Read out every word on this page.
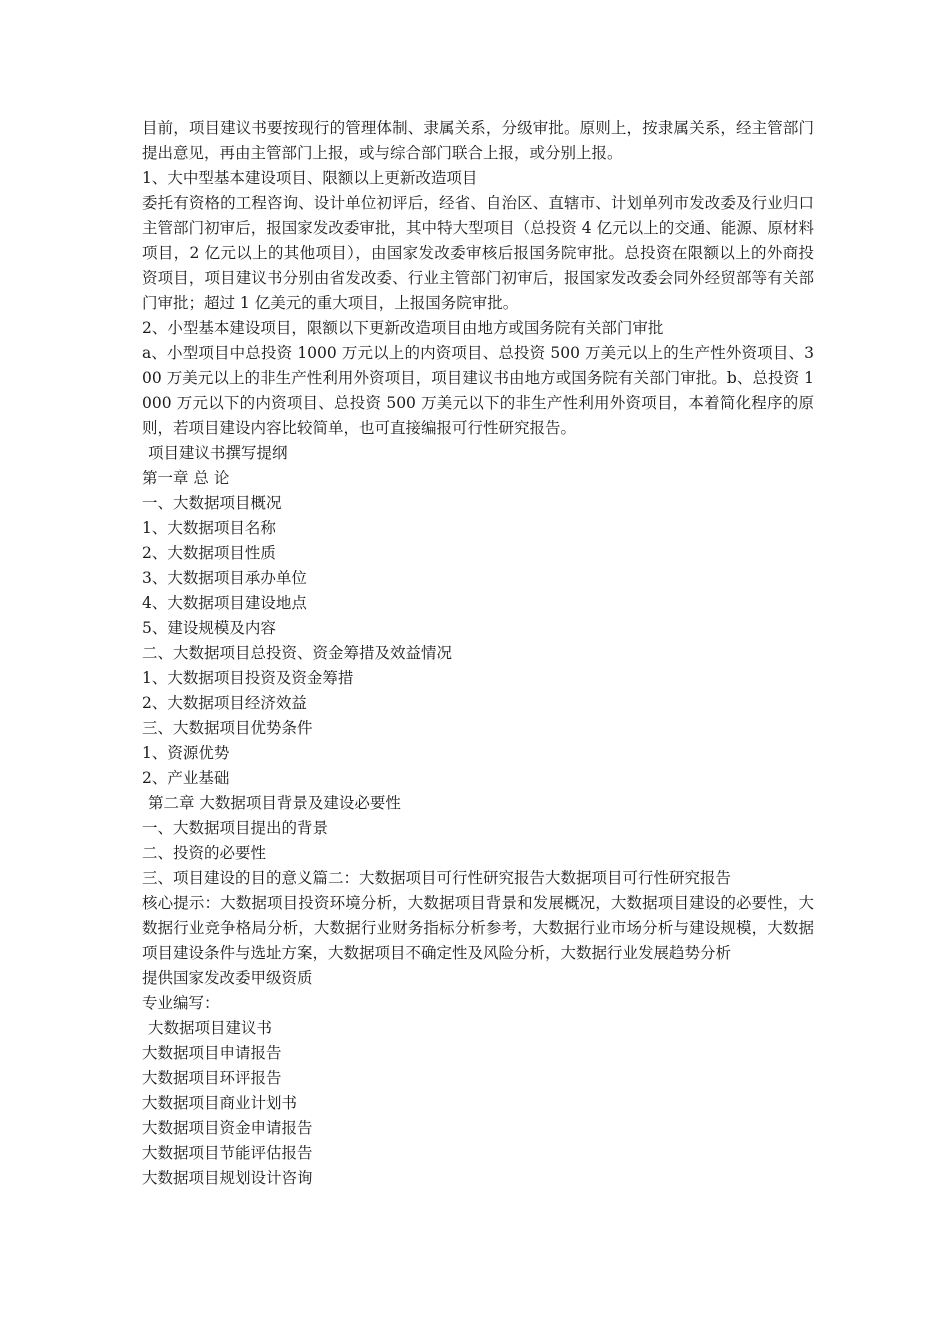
目前，项目建议书要按现行的管理体制、隶属关系，分级审批。原则上，按隶属关系，经主管部门提出意见，再由主管部门上报，或与综合部门联合上报，或分别上报。

1、大中型基本建设项目、限额以上更新改造项目

委托有资格的工程咨询、设计单位初评后，经省、自治区、直辖市、计划单列市发改委及行业归口主管部门初审后，报国家发改委审批，其中特大型项目（总投资 4 亿元以上的交通、能源、原材料项目，2 亿元以上的其他项目），由国家发改委审核后报国务院审批。总投资在限额以上的外商投资项目，项目建议书分别由省发改委、行业主管部门初审后，报国家发改委会同外经贸部等有关部门审批；超过 1 亿美元的重大项目，上报国务院审批。

2、小型基本建设项目，限额以下更新改造项目由地方或国务院有关部门审批

a、小型项目中总投资 1000 万元以上的内资项目、总投资 500 万美元以上的生产性外资项目、300 万美元以上的非生产性利用外资项目，项目建议书由地方或国务院有关部门审批。b、总投资 1000 万元以下的内资项目、总投资 500 万美元以下的非生产性利用外资项目，本着简化程序的原则，若项目建设内容比较简单，也可直接编报可行性研究报告。

项目建议书撰写提纲

第一章 总 论

一、大数据项目概况

1、大数据项目名称

2、大数据项目性质

3、大数据项目承办单位

4、大数据项目建设地点

5、建设规模及内容

二、大数据项目总投资、资金筹措及效益情况

1、大数据项目投资及资金筹措

2、大数据项目经济效益

三、大数据项目优势条件

1、资源优势

2、产业基础

第二章 大数据项目背景及建设必要性

一、大数据项目提出的背景

二、投资的必要性

三、项目建设的目的意义篇二：大数据项目可行性研究报告大数据项目可行性研究报告

核心提示：大数据项目投资环境分析，大数据项目背景和发展概况，大数据项目建设的必要性，大数据行业竞争格局分析，大数据行业财务指标分析参考，大数据行业市场分析与建设规模，大数据项目建设条件与选址方案，大数据项目不确定性及风险分析，大数据行业发展趋势分析

提供国家发改委甲级资质

专业编写：

大数据项目建议书

大数据项目申请报告

大数据项目环评报告

大数据项目商业计划书

大数据项目资金申请报告

大数据项目节能评估报告

大数据项目规划设计咨询
